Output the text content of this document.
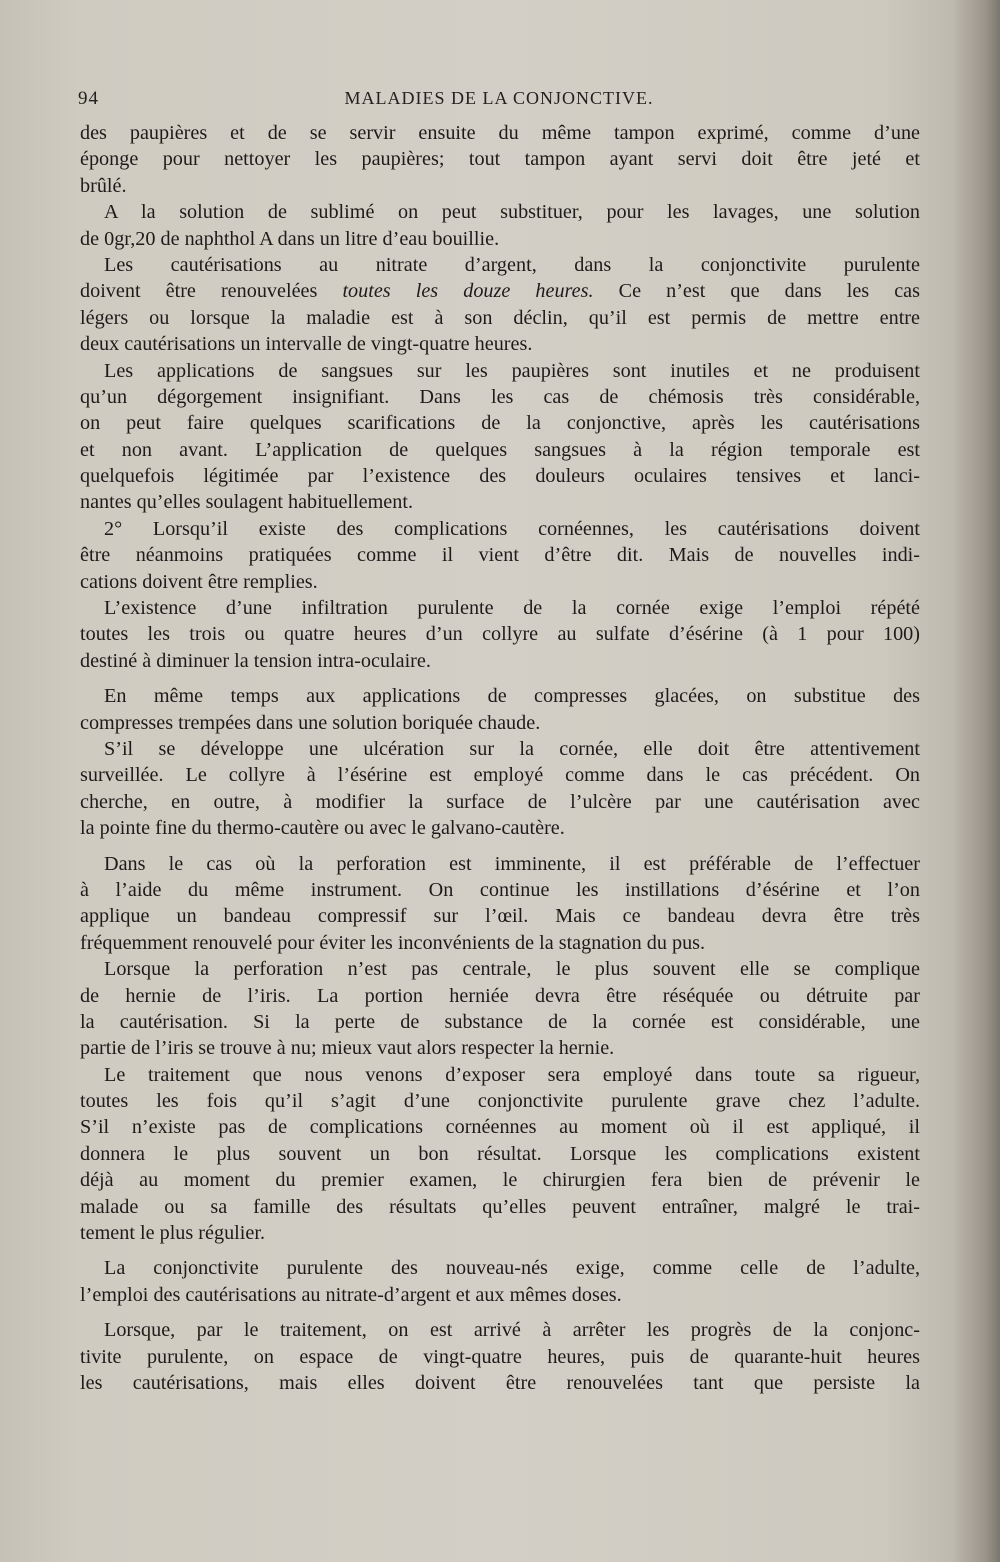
94	MALADIES DE LA CONJONCTIVE.
des paupières et de se servir ensuite du même tampon exprimé, comme d’une
éponge pour nettoyer les paupières; tout tampon ayant servi doit être jeté et
brûlé.
A la solution de sublimé on peut substituer, pour les lavages, une solution
de 0gr,20 de naphthol A dans un litre d’eau bouillie.
Les cautérisations au nitrate d’argent, dans la conjonctivite purulente
doivent être renouvelées toutes les douze heures. Ce n’est que dans les cas
légers ou lorsque la maladie est à son déclin, qu’il est permis de mettre entre
deux cautérisations un intervalle de vingt-quatre heures.
Les applications de sangsues sur les paupières sont inutiles et ne produisent
qu’un dégorgement insignifiant. Dans les cas de chémosis très considérable,
on peut faire quelques scarifications de la conjonctive, après les cautérisations
et non avant. L’application de quelques sangsues à la région temporale est
quelquefois légitimée par l’existence des douleurs oculaires tensives et lanci-
nantes qu’elles soulagent habituellement.
2° Lorsqu’il existe des complications cornéennes, les cautérisations doivent
être néanmoins pratiquées comme il vient d’être dit. Mais de nouvelles indi-
cations doivent être remplies.
L’existence d’une infiltration purulente de la cornée exige l’emploi répété
toutes les trois ou quatre heures d’un collyre au sulfate d’ésérine (à 1 pour 100)
destiné à diminuer la tension intra-oculaire.
En même temps aux applications de compresses glacées, on substitue des
compresses trempées dans une solution boriquée chaude.
S’il se développe une ulcération sur la cornée, elle doit être attentivement
surveillée. Le collyre à l’ésérine est employé comme dans le cas précédent. On
cherche, en outre, à modifier la surface de l’ulcère par une cautérisation avec
la pointe fine du thermo-cautère ou avec le galvano-cautère.
Dans le cas où la perforation est imminente, il est préférable de l’effectuer
à l’aide du même instrument. On continue les instillations d’ésérine et l’on
applique un bandeau compressif sur l’œil. Mais ce bandeau devra être très
fréquemment renouvelé pour éviter les inconvénients de la stagnation du pus.
Lorsque la perforation n’est pas centrale, le plus souvent elle se complique
de hernie de l’iris. La portion herniée devra être réséquée ou détruite par
la cautérisation. Si la perte de substance de la cornée est considérable, une
partie de l’iris se trouve à nu; mieux vaut alors respecter la hernie.
Le traitement que nous venons d’exposer sera employé dans toute sa rigueur,
toutes les fois qu’il s’agit d’une conjonctivite purulente grave chez l’adulte.
S’il n’existe pas de complications cornéennes au moment où il est appliqué, il
donnera le plus souvent un bon résultat. Lorsque les complications existent
déjà au moment du premier examen, le chirurgien fera bien de prévenir le
malade ou sa famille des résultats qu’elles peuvent entraîner, malgré le trai-
tement le plus régulier.
La conjonctivite purulente des nouveau-nés exige, comme celle de l’adulte,
l’emploi des cautérisations au nitrate-d’argent et aux mêmes doses.
Lorsque, par le traitement, on est arrivé à arrêter les progrès de la conjonc-
tivite purulente, on espace de vingt-quatre heures, puis de quarante-huit heures
les cautérisations, mais elles doivent être renouvelées tant que persiste la
